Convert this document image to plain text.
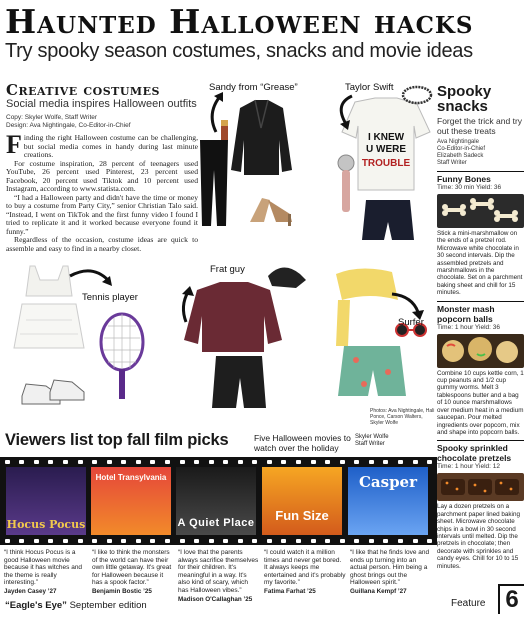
Haunted Halloween hacks
Try spooky season costumes, snacks and movie ideas
Creative costumes
Social media inspires Halloween outfits
Copy: Skyler Wolfe, Staff Writer
Design: Ava Nightingale, Co-Editor-in-Chief

Finding the right Halloween costume can be challenging, but social media comes in handy during last minute creations.

For costume inspiration, 28 percent of teenagers used YouTube, 26 percent used Pinterest, 23 percent used Facebook, 20 percent used Tiktok and 10 percent used Instagram, according to www.statista.com.

“I had a Halloween party and didn't have the time or money to buy a costume from Party City,” senior Christian Talo said. “Instead, I went on TikTok and the first funny video I found I tried to replicate it and it worked because everyone found it funny.”

Regardless of the occasion, costume ideas are quick to assemble and easy to find in a nearby closet.

I KNEW
U WERE
TROUBLE
Sandy from “Grease”	Taylor Swift
Tennis player
Frat guy
Surfer
Photos: Ava Nightingale, Hali Ponce, Carson Walters, Skyler Wolfe
Spooky snacks
Forget the trick and try out these treats
Ava Nightingale
Co-Editor-in-Chief
Elizabeth Sadeck
Staff Writer
Funny Bones
Time: 30 min Yield: 36
Stick a mini-marshmallow on the ends of a pretzel rod. Microwave white chocolate in 30 second intervals. Dip the assembled pretzels and marshmallows in the chocolate. Set on a parchment baking sheet and chill for 15 minutes.
Monster mash popcorn balls
Time: 1 hour Yield: 36
Combine 10 cups kettle corn, 1 cup peanuts and 1/2 cup gummy worms. Melt 3 tablespoons butter and a bag of 10 ounce marshmallows over medium heat in a medium saucepan. Pour melted ingredients over popcorn, mix and shape into popcorn balls.
Spooky sprinkled chocolate pretzels
Time: 1 hour Yield: 12
Lay a dozen pretzels on a parchment paper lined baking sheet. Microwave chocolate chips in a bowl in 30 second intervals until melted. Dip the pretzels in chocolate; then decorate with sprinkles and candy eyes. Chill for 10 to 15 minutes.
Viewers list top fall film picks	Five Halloween movies to watch over the holiday
Skyler Wolfe
Staff Writer
Hocus Pocus
Hotel Transylvania
A Quiet Place	Fun Size
Casper
“I think Hocus Pocus is a good Halloween movie because it has witches and the theme is really interesting.”
Jayden Casey ’27
“I like to think the monsters of the world can have their own little getaway. It's great for Halloween because it has a spook factor.”
Benjamin Bostic ’25
“I love that the parents always sacrifice themselves for their children. It's meaningful in a way. It's also kind of scary, which has Halloween vibes.”
Madison O'Callaghan ’25
“I could watch it a million times and never get bored. It always keeps me entertained and it's probably my favorite.”
Fatima Farhat ’25
“I like that he finds love and ends up turning into an actual person. Him being a ghost brings out the Halloween spirit.”
Guillana Kempf ’27
“Eagle's Eye” September edition	Feature 6
